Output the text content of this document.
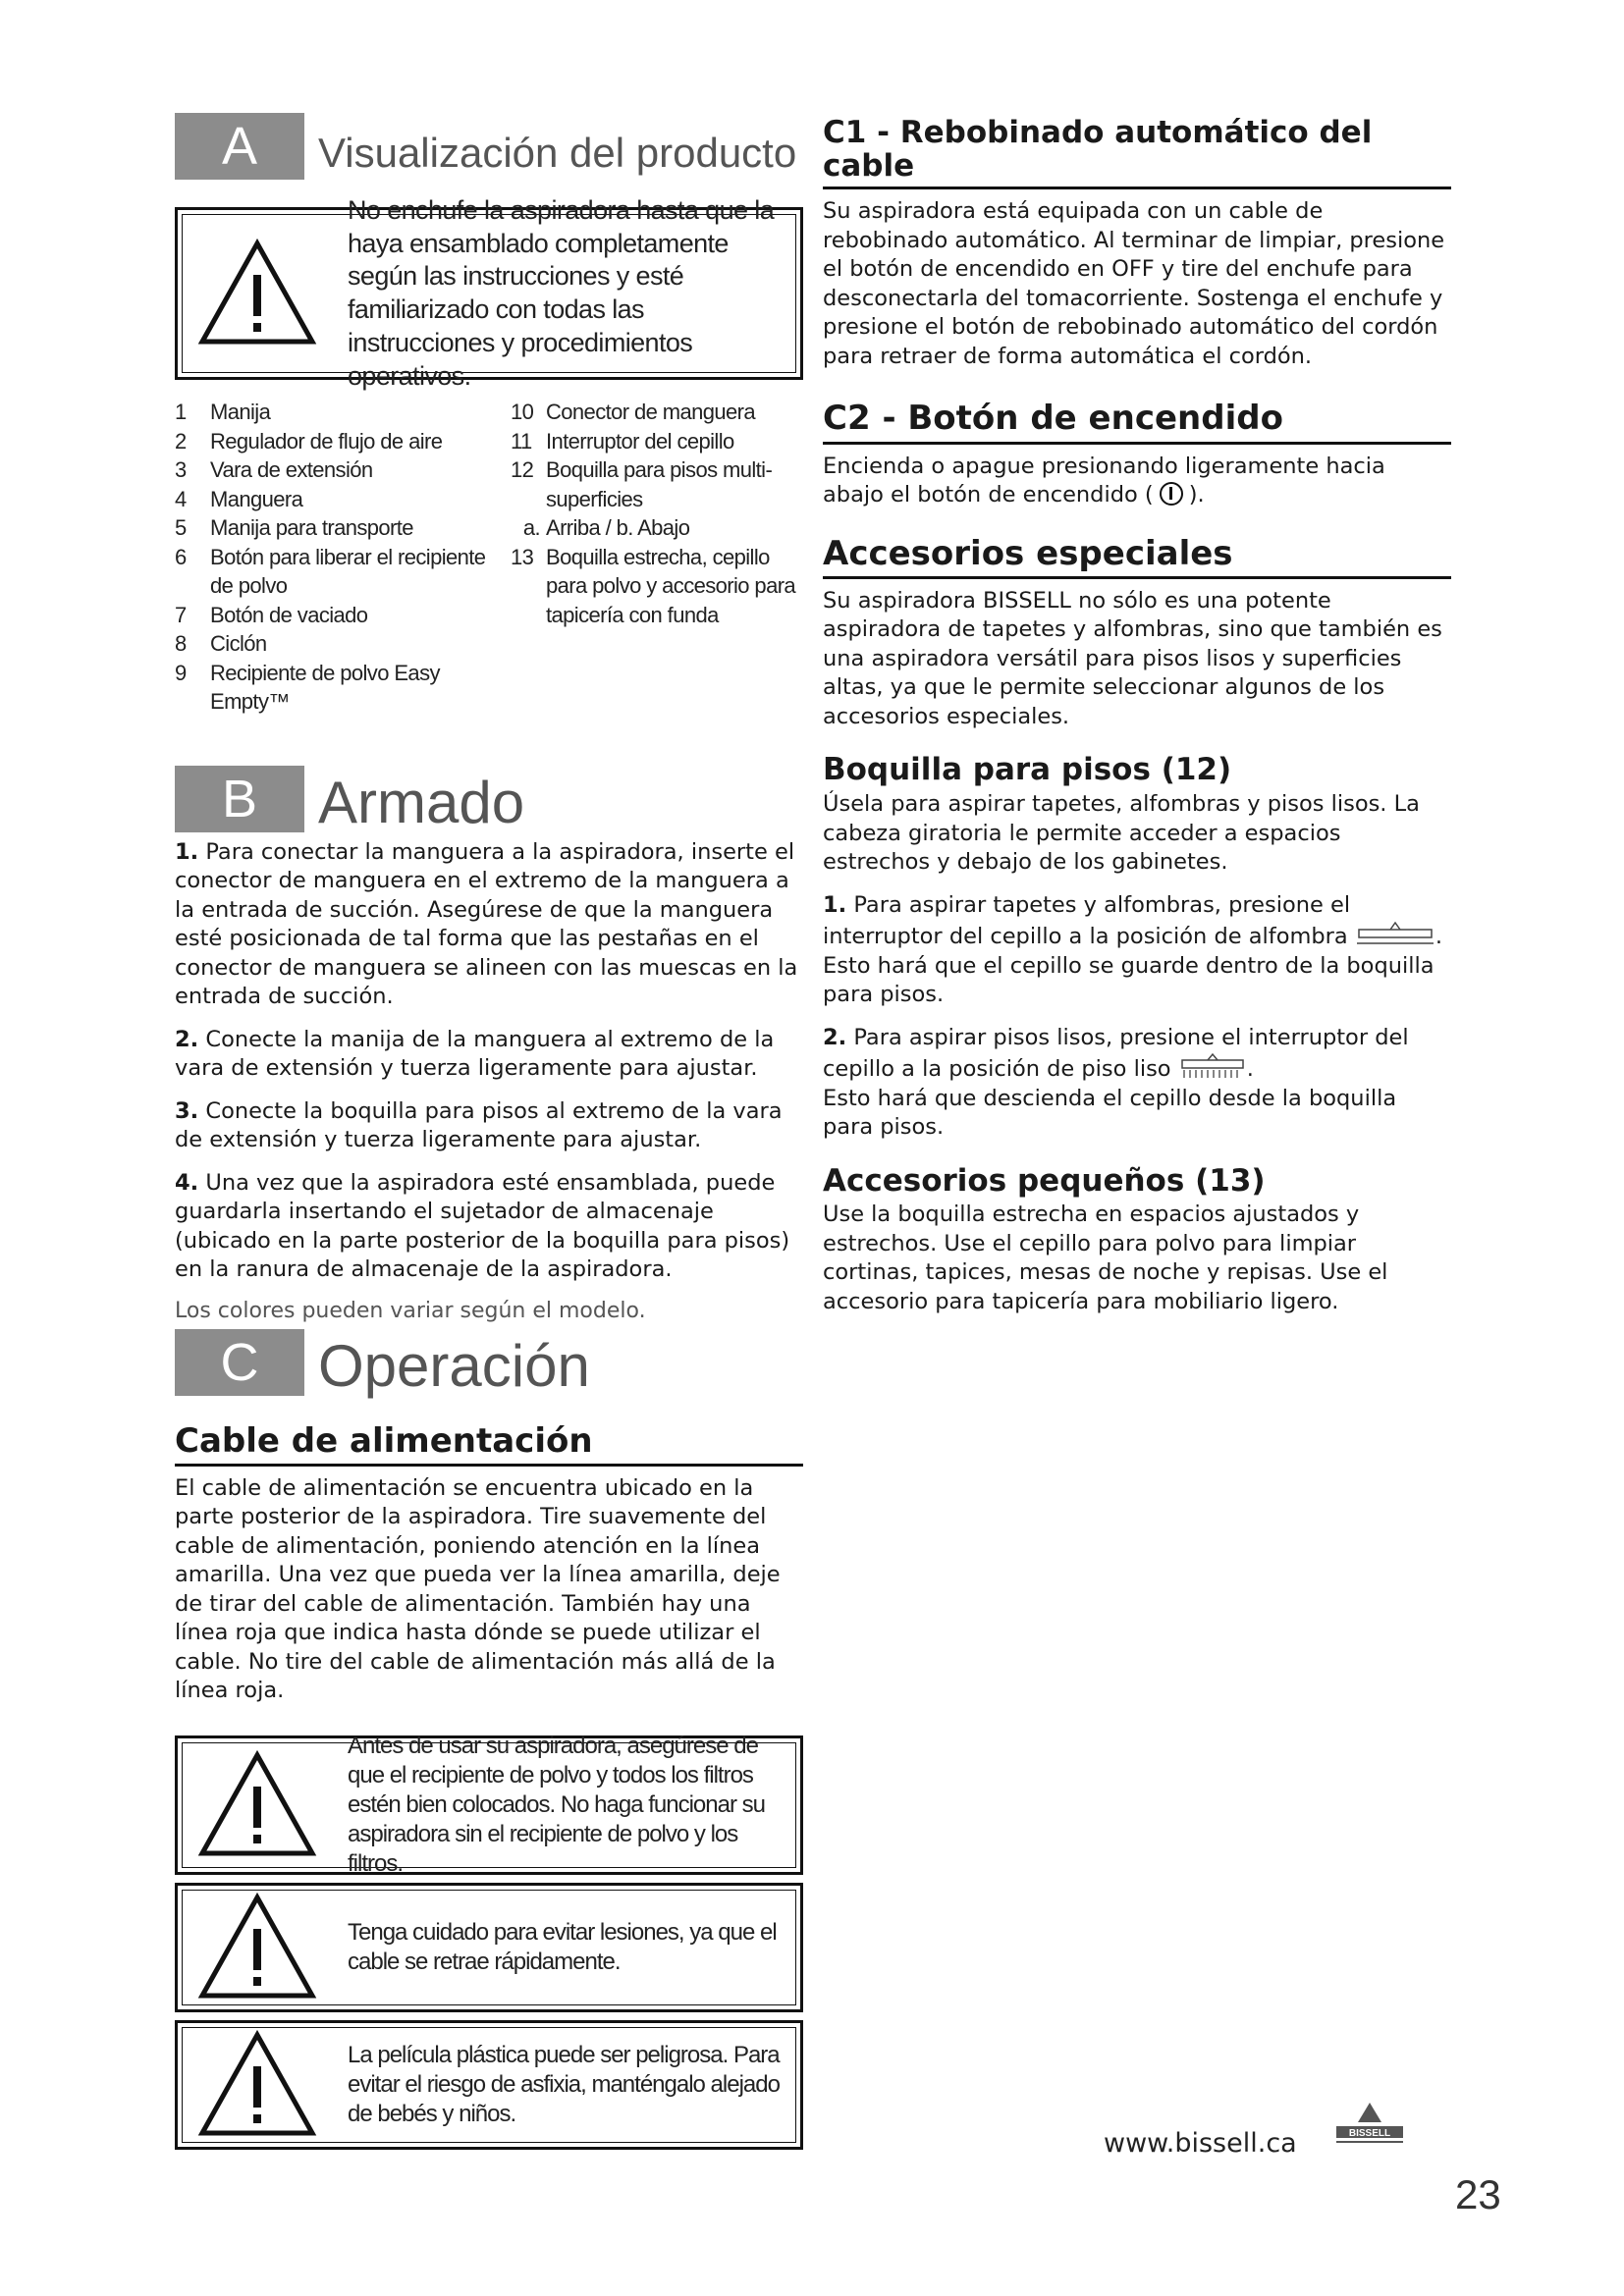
A	Visualización del producto
No enchufe la aspiradora hasta que la haya ensamblado completamente según las instrucciones y esté familiarizado con todas las instrucciones y procedimientos operativos.
1	Manija
2	Regulador de flujo de aire
3	Vara de extensión
4	Manguera
5	Manija para transporte
6	Botón para liberar el recipiente de polvo
7	Botón de vaciado
8	Ciclón
9	Recipiente de polvo Easy Empty™
10 Conector de manguera
11 Interruptor del cepillo
12 Boquilla para pisos multi-superficies
a. Arriba / b. Abajo
13 Boquilla estrecha, cepillo para polvo y accesorio para tapicería con funda
B	Armado

1. Para conectar la manguera a la aspiradora, inserte el conector de manguera en el extremo de la manguera a la entrada de succión. Asegúrese de que la manguera esté posicionada de tal forma que las pestañas en el conector de manguera se alineen con las muescas en la entrada de succión.

2. Conecte la manija de la manguera al extremo de la vara de extensión y tuerza ligeramente para ajustar.

3. Conecte la boquilla para pisos al extremo de la vara de extensión y tuerza ligeramente para ajustar.

4. Una vez que la aspiradora esté ensamblada, puede guardarla insertando el sujetador de almacenaje (ubicado en la parte posterior de la boquilla para pisos) en la ranura de almacenaje de la aspiradora.

Los colores pueden variar según el modelo.
C	Operación
Cable de alimentación

El cable de alimentación se encuentra ubicado en la parte posterior de la aspiradora. Tire suavemente del cable de alimentación, poniendo atención en la línea amarilla. Una vez que pueda ver la línea amarilla, deje de tirar del cable de alimentación. También hay una línea roja que indica hasta dónde se puede utilizar el cable. No tire del cable de alimentación más allá de la línea roja.

Antes de usar su aspiradora, asegúrese de que el recipiente de polvo y todos los filtros estén bien colocados. No haga funcionar su aspiradora sin el recipiente de polvo y los filtros.
Tenga cuidado para evitar lesiones, ya que el cable se retrae rápidamente.
La película plástica puede ser peligrosa. Para evitar el riesgo de asfixia, manténgalo alejado de bebés y niños.
C1 - Rebobinado automático del cable

Su aspiradora está equipada con un cable de rebobinado automático. Al terminar de limpiar, presione el botón de encendido en OFF y tire del enchufe para desconectarla del tomacorriente. Sostenga el enchufe y presione el botón de rebobinado automático del cordón para retraer de forma automática el cordón.

C2 - Botón de encendido

Encienda o apague presionando ligeramente hacia abajo el botón de encendido ( ).

Accesorios especiales

Su aspiradora BISSELL no sólo es una potente aspiradora de tapetes y alfombras, sino que también es una aspiradora versátil para pisos lisos y superficies altas, ya que le permite seleccionar algunos de los accesorios especiales.

Boquilla para pisos (12)

Úsela para aspirar tapetes, alfombras y pisos lisos. La cabeza giratoria le permite acceder a espacios estrechos y debajo de los gabinetes.

1. Para aspirar tapetes y alfombras, presione el interruptor del cepillo a la posición de alfombra	. Esto hará que el cepillo se guarde dentro de la boquilla para pisos.

2. Para aspirar pisos lisos, presione el interruptor del cepillo a la posición de piso liso	.
Esto hará que descienda el cepillo desde la boquilla para pisos.

Accesorios pequeños (13)

Use la boquilla estrecha en espacios ajustados y estrechos. Use el cepillo para polvo para limpiar cortinas, tapices, mesas de noche y repisas. Use el accesorio para tapicería para mobiliario ligero.

www.bissell.ca	BISSELL
23
